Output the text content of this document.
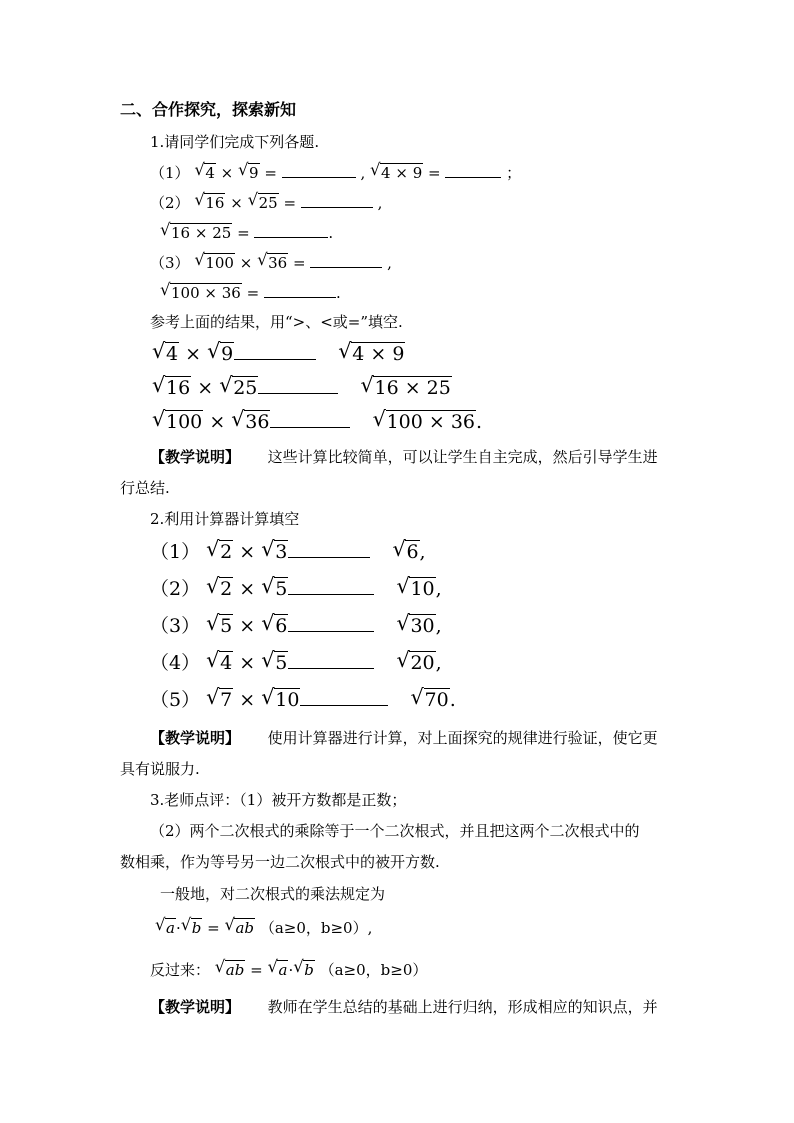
二、合作探究，探索新知
1.请同学们完成下列各题.
（1） √ 4 × √ 9 =	, √ 4 × 9 =	；
（2） √ 16 × √ 25 =	,
√ 16 × 25 =	.
（3） √ 100 × √ 36 =	,
√ 100 × 36 =	.
参考上面的结果，用“>、<或=”填空.
√ 4 × √ 9	√ 4 × 9
√ 16 × √ 25	√ 16 × 25
√ 100 × √ 36	√ 100 × 36.
【教学说明】 这些计算比较简单，可以让学生自主完成，然后引导学生进
行总结.
2.利用计算器计算填空
（1） √ 2 × √ 3	√ 6,
（2） √ 2 × √ 5	√ 10,
（3） √ 5 × √ 6	√ 30,
（4） √ 4 × √ 5	√ 20,
（5） √ 7 × √ 10	√ 70.
【教学说明】 使用计算器进行计算，对上面探究的规律进行验证，使它更
具有说服力.
3.老师点评：（1）被开方数都是正数；
（2）两个二次根式的乘除等于一个二次根式，并且把这两个二次根式中的
数相乘，作为等号另一边二次根式中的被开方数.
一般地，对二次根式的乘法规定为
√ a· √ b = √ ab （a≥0，b≥0）,
反过来： √ ab = √ a· √ b （a≥0，b≥0）
【教学说明】 教师在学生总结的基础上进行归纳，形成相应的知识点，并
